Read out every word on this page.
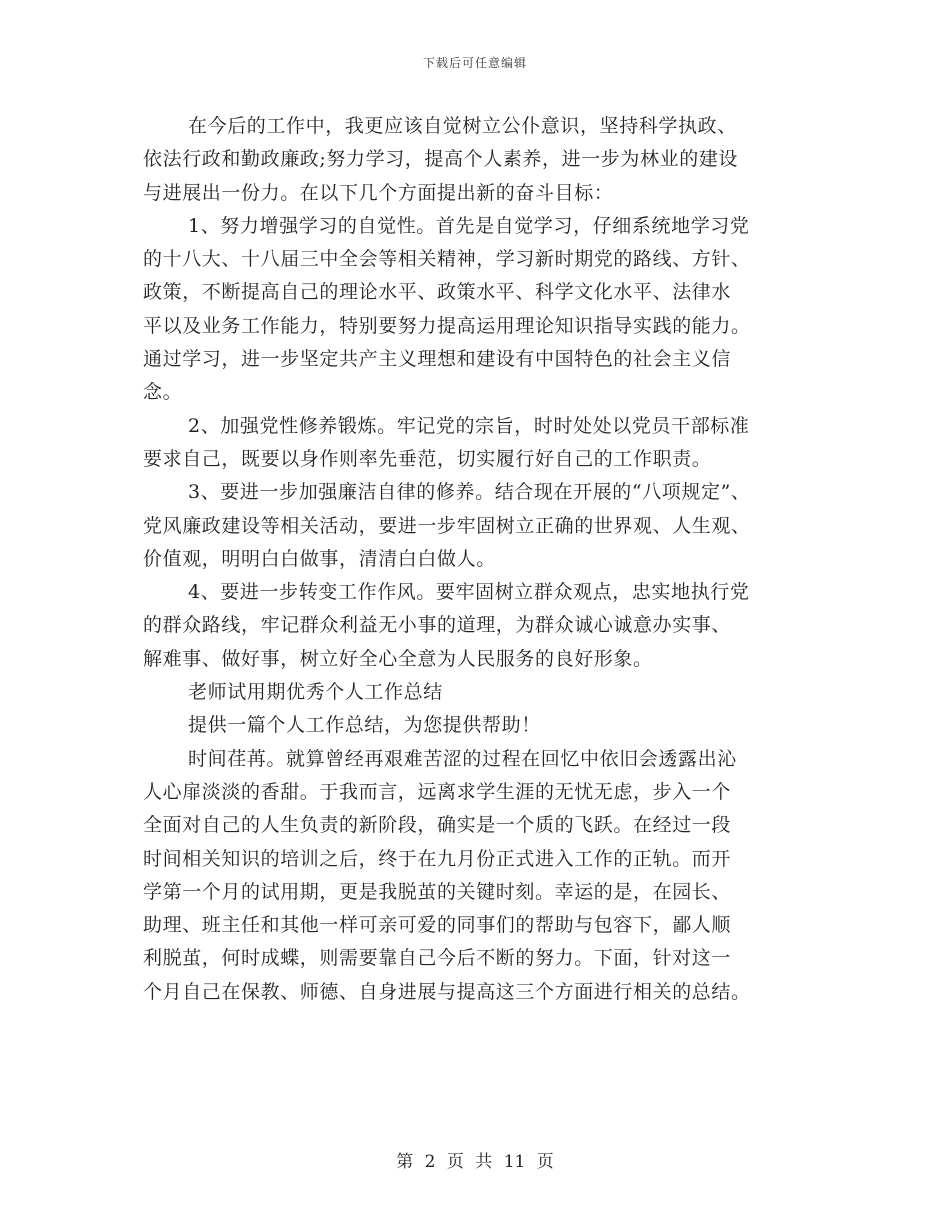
下载后可任意编辑
在今后的工作中，我更应该自觉树立公仆意识，坚持科学执政、
依法行政和勤政廉政;努力学习，提高个人素养，进一步为林业的建设
与进展出一份力。在以下几个方面提出新的奋斗目标：
1、努力增强学习的自觉性。首先是自觉学习，仔细系统地学习党
的十八大、十八届三中全会等相关精神，学习新时期党的路线、方针、
政策，不断提高自己的理论水平、政策水平、科学文化水平、法律水
平以及业务工作能力，特别要努力提高运用理论知识指导实践的能力。
通过学习，进一步坚定共产主义理想和建设有中国特色的社会主义信
念。
2、加强党性修养锻炼。牢记党的宗旨，时时处处以党员干部标准
要求自己，既要以身作则率先垂范，切实履行好自己的工作职责。
3、要进一步加强廉洁自律的修养。结合现在开展的“八项规定”、
党风廉政建设等相关活动，要进一步牢固树立正确的世界观、人生观、
价值观，明明白白做事，清清白白做人。
4、要进一步转变工作作风。要牢固树立群众观点，忠实地执行党
的群众路线，牢记群众利益无小事的道理，为群众诚心诚意办实事、
解难事、做好事，树立好全心全意为人民服务的良好形象。
老师试用期优秀个人工作总结
提供一篇个人工作总结，为您提供帮助！
时间荏苒。就算曾经再艰难苦涩的过程在回忆中依旧会透露出沁
人心扉淡淡的香甜。于我而言，远离求学生涯的无忧无虑，步入一个
全面对自己的人生负责的新阶段，确实是一个质的飞跃。在经过一段
时间相关知识的培训之后，终于在九月份正式进入工作的正轨。而开
学第一个月的试用期，更是我脱茧的关键时刻。幸运的是，在园长、
助理、班主任和其他一样可亲可爱的同事们的帮助与包容下，鄙人顺
利脱茧，何时成蝶，则需要靠自己今后不断的努力。下面，针对这一
个月自己在保教、师德、自身进展与提高这三个方面进行相关的总结。
第 2 页 共 11 页
